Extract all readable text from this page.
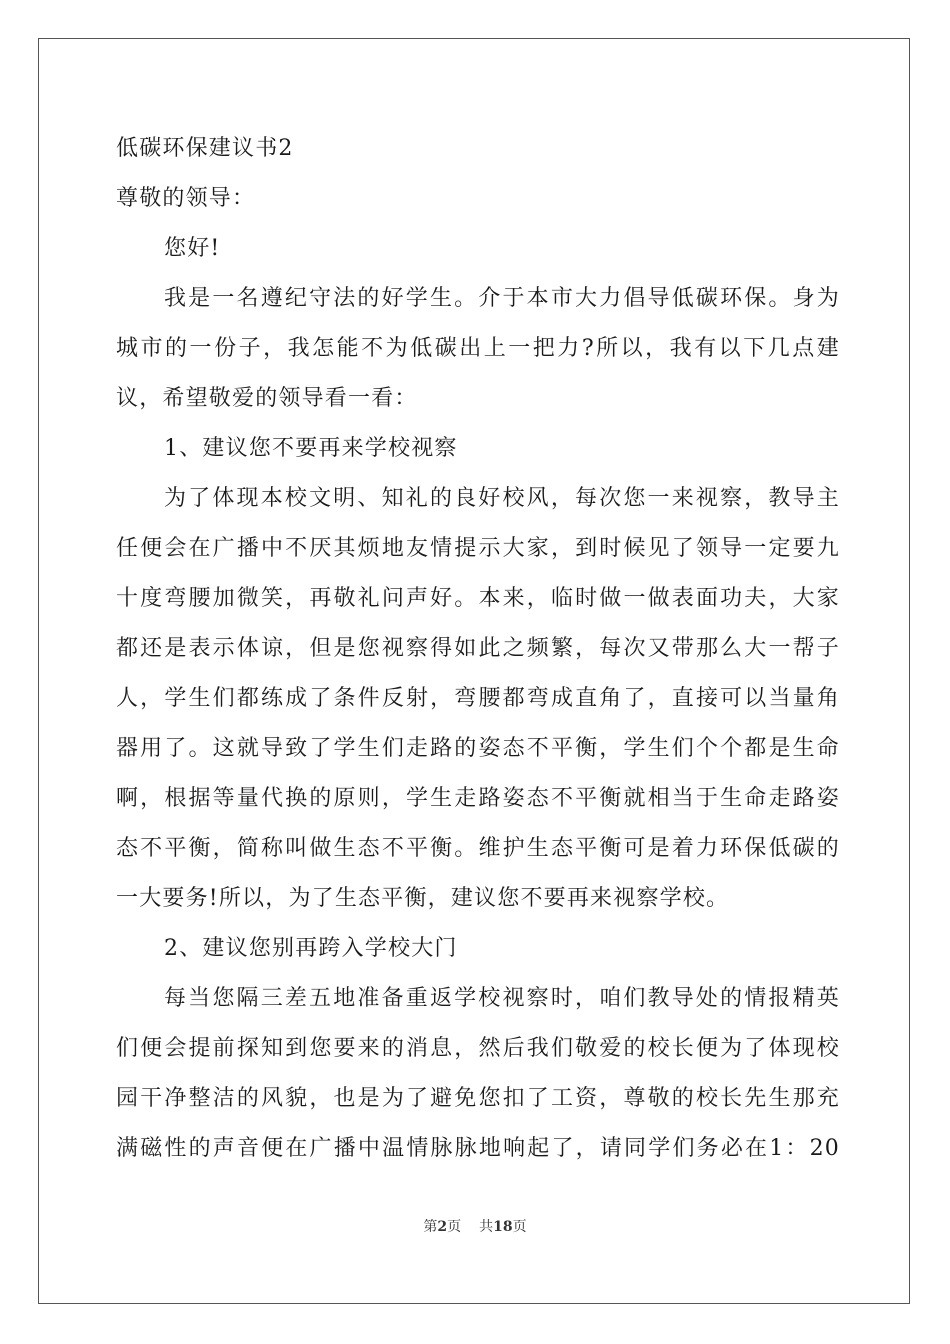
低碳环保建议书2
尊敬的领导：
您好!
我是一名遵纪守法的好学生。介于本市大力倡导低碳环保。身为
城市的一份子，我怎能不为低碳出上一把力?所以，我有以下几点建
议，希望敬爱的领导看一看：
1、建议您不要再来学校视察
为了体现本校文明、知礼的良好校风，每次您一来视察，教导主
任便会在广播中不厌其烦地友情提示大家，到时候见了领导一定要九
十度弯腰加微笑，再敬礼问声好。本来，临时做一做表面功夫，大家
都还是表示体谅，但是您视察得如此之频繁，每次又带那么大一帮子
人，学生们都练成了条件反射，弯腰都弯成直角了，直接可以当量角
器用了。这就导致了学生们走路的姿态不平衡，学生们个个都是生命
啊，根据等量代换的原则，学生走路姿态不平衡就相当于生命走路姿
态不平衡，简称叫做生态不平衡。维护生态平衡可是着力环保低碳的
一大要务!所以，为了生态平衡，建议您不要再来视察学校。
2、建议您别再跨入学校大门
每当您隔三差五地准备重返学校视察时，咱们教导处的情报精英
们便会提前探知到您要来的消息，然后我们敬爱的校长便为了体现校
园干净整洁的风貌，也是为了避免您扣了工资，尊敬的校长先生那充
满磁性的声音便在广播中温情脉脉地响起了，请同学们务必在1：20
第2页 共18页
